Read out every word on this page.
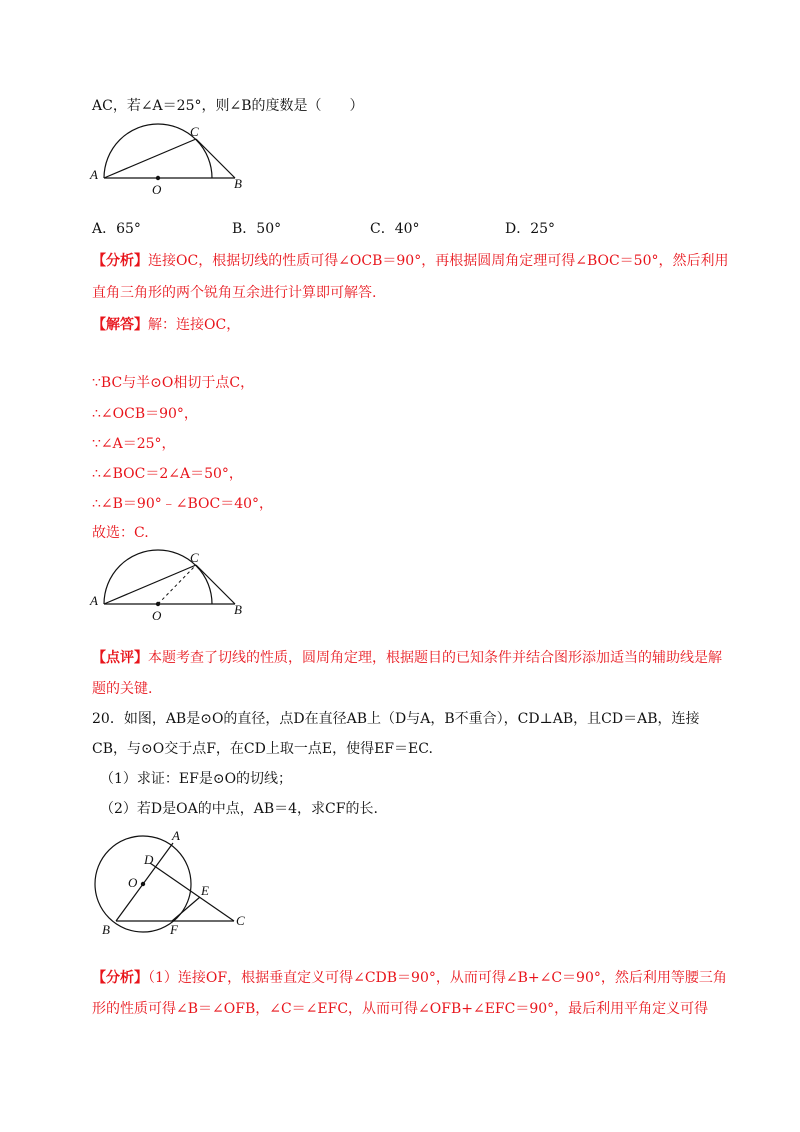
AC，若∠A＝25°，则∠B的度数是（　　）
A
C
O	B
A．65°	B．50°	C．40°	D．25°
【分析】连接OC，根据切线的性质可得∠OCB＝90°，再根据圆周角定理可得∠BOC＝50°，然后利用
直角三角形的两个锐角互余进行计算即可解答.
【解答】解：连接OC，
∵BC与半⊙O相切于点C，
∴∠OCB＝90°，
∵∠A＝25°，
∴∠BOC＝2∠A＝50°，
∴∠B＝90°﹣∠BOC＝40°，
故选：C.
A
C
O	B
【点评】本题考查了切线的性质，圆周角定理，根据题目的已知条件并结合图形添加适当的辅助线是解
题的关键.
20．如图，AB是⊙O的直径，点D在直径AB上（D与A，B不重合），CD⊥AB，且CD＝AB，连接
CB，与⊙O交于点F，在CD上取一点E，使得EF＝EC.
（1）求证：EF是⊙O的切线；
（2）若D是OA的中点，AB＝4，求CF的长.
A
D
O
E
B	F
C
【分析】（1）连接OF，根据垂直定义可得∠CDB＝90°，从而可得∠B+∠C＝90°，然后利用等腰三角
形的性质可得∠B＝∠OFB，∠C＝∠EFC，从而可得∠OFB+∠EFC＝90°，最后利用平角定义可得
